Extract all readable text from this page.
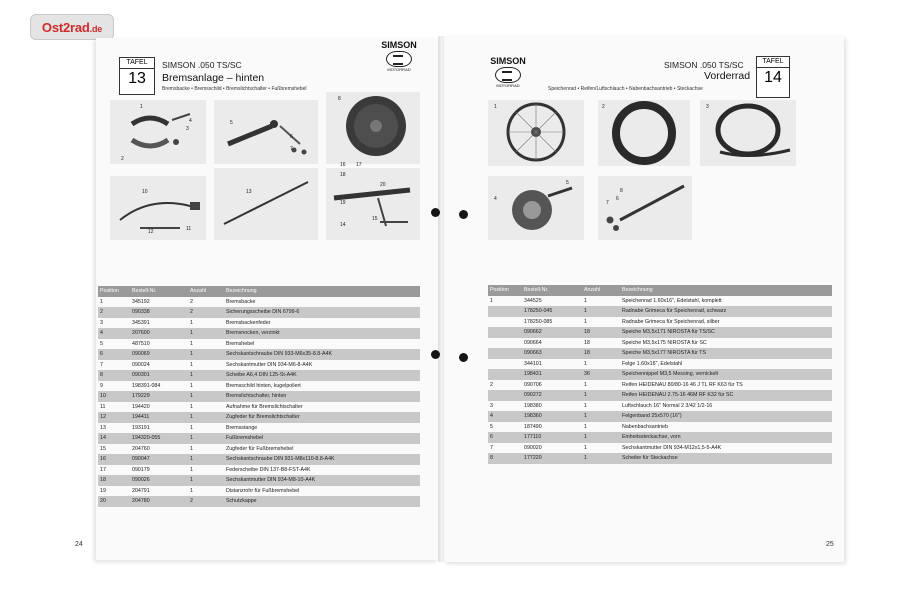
Ost2rad .de
TAFEL
13
SIMSON .050 TS/SC
Bremsanlage – hinten
Bremsbacke • Bremsschild • Bremslichtschalter • Fußbremshebel
SIMSON
MOTORRAD
1
2
3
4	5
6
7
8
10
11
12
13
14
15
16 17
18
19
20
Position	Bestell-Nr.	Anzahl	Bezeichnung
1	345192	2	Bremsbacke
2	090338	2	Sicherungsscheibe DIN 6799-6
3	345391	1	Bremsbackenfeder
4	207600	1	Bremsnocken, verzinkt
5	487510	1	Bremshebel
6	090069	1	Sechskantschraube DIN 933-M6x35-8.8-A4K
7	090024	1	Sechskantmutter DIN 934-M6-8-A4K
8	090301	1	Scheibe A6,4 DIN 125-St-A4K
9	198391-084	1	Bremsschild hinten, kugelpoliert
10	179229	1	Bremslichtschalter, hinten
11	194420	1	Aufnahme für Bremslichtschalter
12	194411	1	Zugfeder für Bremslichtschalter
13	193191	1	Bremsstange
14	194320-055	1	Fußbremshebel
15	204760	1	Zugfeder für Fußbremshebel
16	090047	1	Sechskantschraube DIN 931-M8x110-8.8-A4K
17	090179	1	Federscheibe DIN 137-B8-FST-A4K
18	090026	1	Sechskantmutter DIN 934-M8-10-A4K
19	204791	1	Distanzrohr für Fußbremshebel
20	204780	2	Schutzkappe
24
TAFEL
14
SIMSON .050 TS/SC
Vorderrad
Speichenrad • Reifen/Luftschlauch • Nabenbachsantrieb • Steckachse
SIMSON
MOTORRAD
1	2	3
4
5
6
7
8
Position	Bestell-Nr.	Anzahl	Bezeichnung
1	344525	1	Speichenrad 1.60x16", Edelstahl, komplett
	178250-045	1	Radnabe Grimeca für Speichenrad, schwarz
	178250-085	1	Radnabe Grimeca für Speichenrad, silber
	090662	18	Speiche M3,5x171 NIROSTA für TS/SC
	090664	18	Speiche M3,5x175 NIROSTA für SC
	090663	18	Speiche M3,5x177 NIROSTA für TS
	344101	1	Felge 1.60x16", Edelstahl
	198431	36	Speichennippel M3,5 Messing, vernickelt
2	090706	1	Reifen HEIDENAU 80/80-16 46 J TL RF K63 für TS
	090272	1	Reifen HEIDENAU 2.75-16 46M RF K32 für SC
3	198380	1	Luftschlauch 16" Normal 2 3/42 1/2-16
4	198360	1	Felgenband 25x570 (16")
5	187490	1	Nabenbachsantrieb
6	177110	1	Einheitssteckachse, vorn
7	090020	1	Sechskantmutter DIN 934-M12x1,5-5-A4K
8	177220	1	Scheibe für Steckachse
25
